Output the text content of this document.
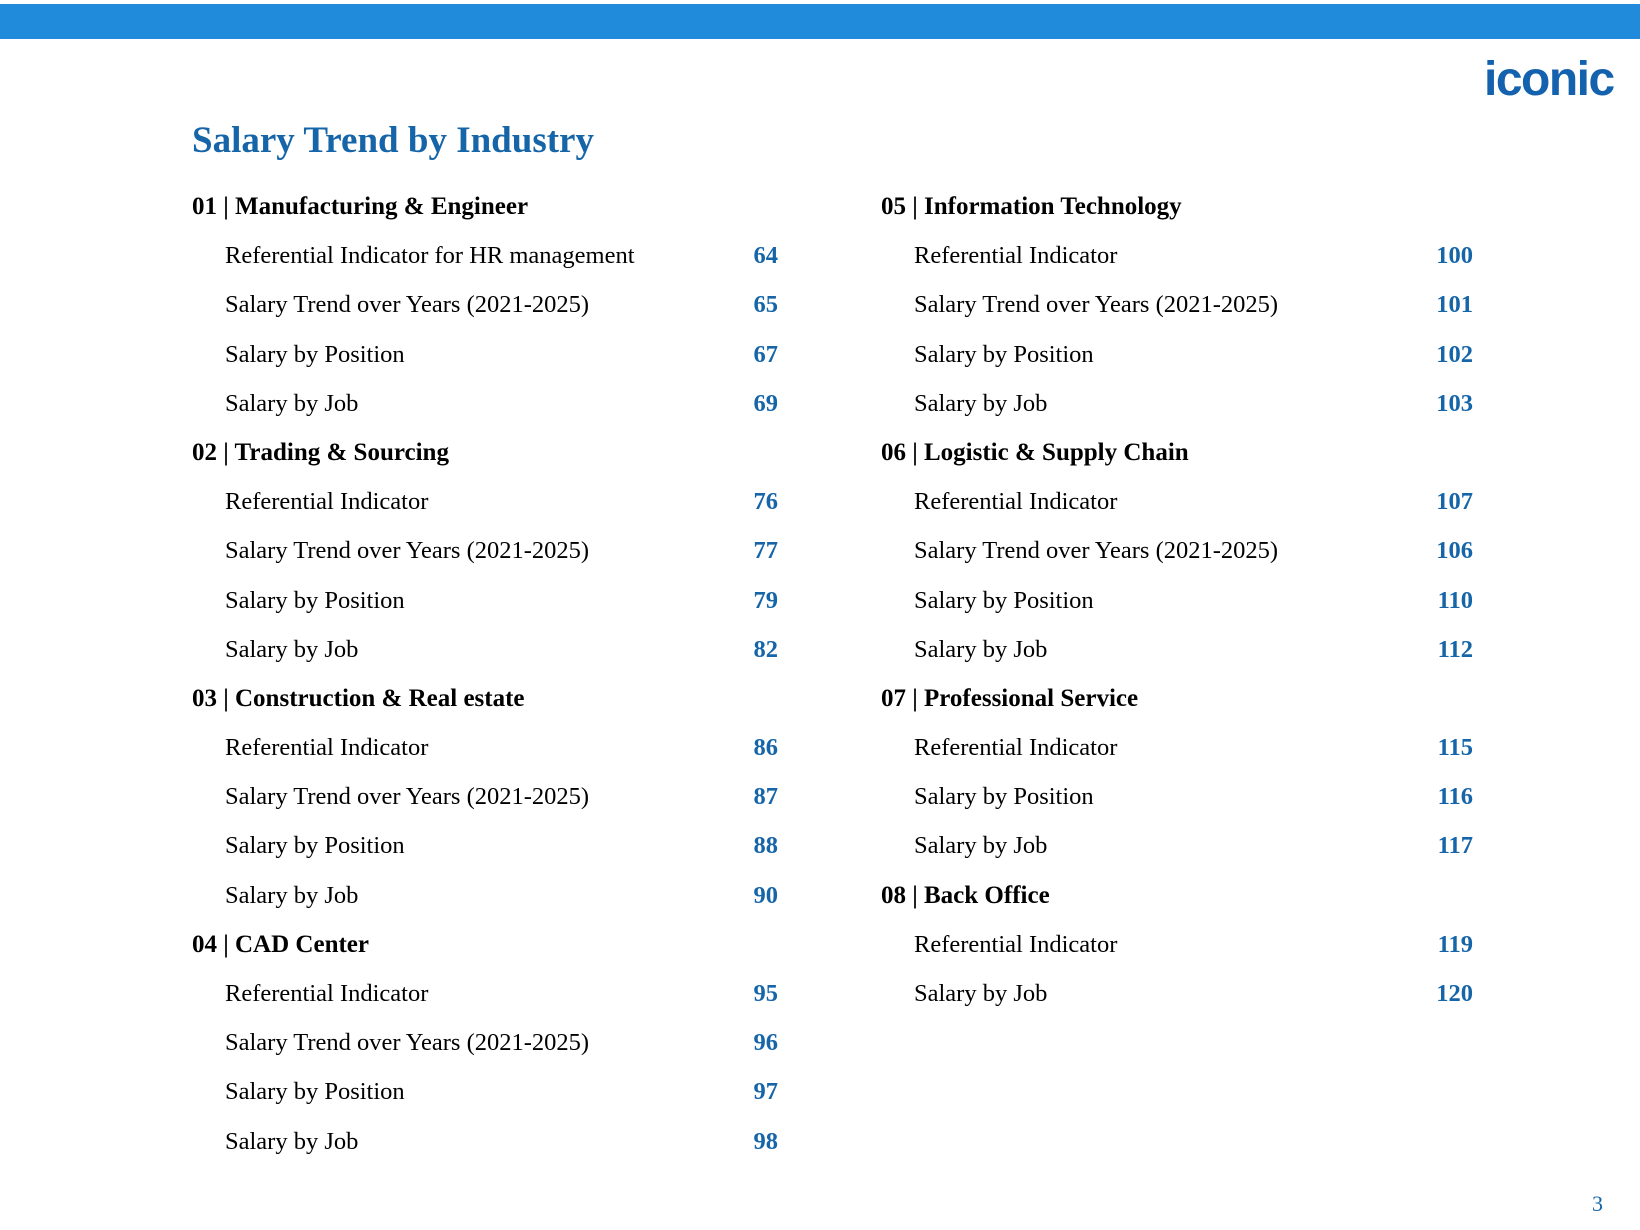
iconic
Salary Trend by Industry
01 | Manufacturing & Engineer
Referential Indicator for HR management	64
Salary Trend over Years (2021-2025)	65
Salary by Position	67
Salary by Job	69
02 | Trading & Sourcing
Referential Indicator	76
Salary Trend over Years (2021-2025)	77
Salary by Position	79
Salary by Job	82
03 | Construction & Real estate
Referential Indicator	86
Salary Trend over Years (2021-2025)	87
Salary by Position	88
Salary by Job	90
04 | CAD Center
Referential Indicator	95
Salary Trend over Years (2021-2025)	96
Salary by Position	97
Salary by Job	98
05 | Information Technology
Referential Indicator	100
Salary Trend over Years (2021-2025)	101
Salary by Position	102
Salary by Job	103
06 | Logistic & Supply Chain
Referential Indicator	107
Salary Trend over Years (2021-2025)	106
Salary by Position	110
Salary by Job	112
07 | Professional Service
Referential Indicator	115
Salary by Position	116
Salary by Job	117
08 | Back Office
Referential Indicator	119
Salary by Job	120
3
